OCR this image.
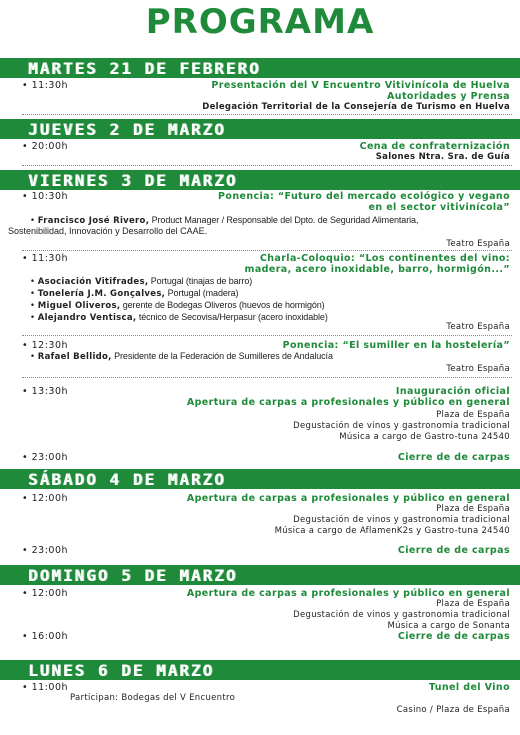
PROGRAMA
MARTES 21 DE FEBRERO
• 11:30h	Presentación del V Encuentro Vitivinícola de Huelva
Autoridades y Prensa
Delegación Territorial de la Consejería de Turismo en Huelva
JUEVES 2 DE MARZO
• 20:00h	Cena de confraternización
Salones Ntra. Sra. de Guía
VIERNES 3 DE MARZO
• 10:30h	Ponencia: “Futuro del mercado ecológico y vegano
en el sector vitivinícola”
• Francisco José Rivero, Product Manager / Responsable del Dpto. de Seguridad Alimentaria,
Sostenibilidad, Innovación y Desarrollo del CAAE.
Teatro España
• 11:30h	Charla-Coloquio: “Los continentes del vino:
madera, acero inoxidable, barro, hormigón...”
• Asociación Vitifrades, Portugal (tinajas de barro)
• Tonelería J.M. Gonçalves, Portugal (madera)
• Miguel Oliveros, gerente de Bodegas Oliveros (huevos de hormigón)
• Alejandro Ventisca, técnico de Secovisa/Herpasur (acero inoxidable)
Teatro España
• 12:30h	Ponencia: “El sumiller en la hostelería”
• Rafael Bellido, Presidente de la Federación de Sumilleres de Andalucía
Teatro España
• 13:30h	Inauguración oficial
Apertura de carpas a profesionales y público en general
Plaza de España
Degustación de vinos y gastronomia tradicional
Música a cargo de Gastro-tuna 24540
• 23:00h	Cierre de de carpas
SÁBADO 4 DE MARZO
• 12:00h	Apertura de carpas a profesionales y público en general
Plaza de España
Degustación de vinos y gastronomia tradicional
Música a cargo de AflamenK2s y Gastro-tuna 24540
• 23:00h	Cierre de de carpas
DOMINGO 5 DE MARZO
• 12:00h	Apertura de carpas a profesionales y público en general
Plaza de España
Degustación de vinos y gastronomia tradicional
Música a cargo de Sonanta
• 16:00h	Cierre de de carpas
LUNES 6 DE MARZO
• 11:00h	Tunel del Vino
Participan: Bodegas del V Encuentro
Casino / Plaza de España
